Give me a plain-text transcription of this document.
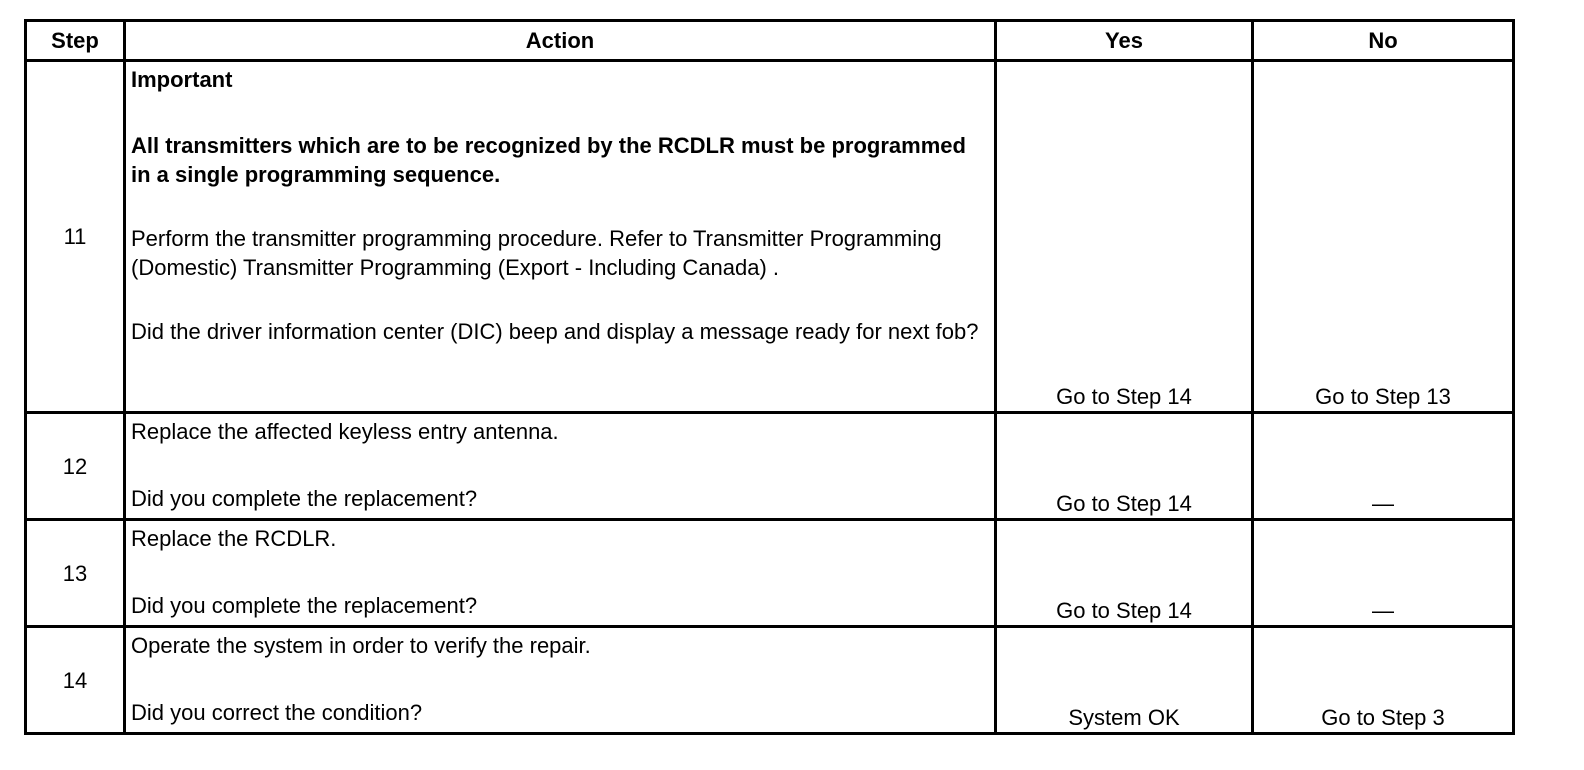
Step	Action	Yes	No
11	Important

All transmitters which are to be recognized by the RCDLR must be programmed in a single programming sequence.

Perform the transmitter programming procedure. Refer to Transmitter Programming (Domestic) Transmitter Programming (Export - Including Canada) .

Did the driver information center (DIC) beep and display a message ready for next fob?	Go to Step 14	Go to Step 13
12	Replace the affected keyless entry antenna.

Did you complete the replacement?	Go to Step 14	—
13	Replace the RCDLR.

Did you complete the replacement?	Go to Step 14	—
14	Operate the system in order to verify the repair.

Did you correct the condition?	System OK	Go to Step 3
